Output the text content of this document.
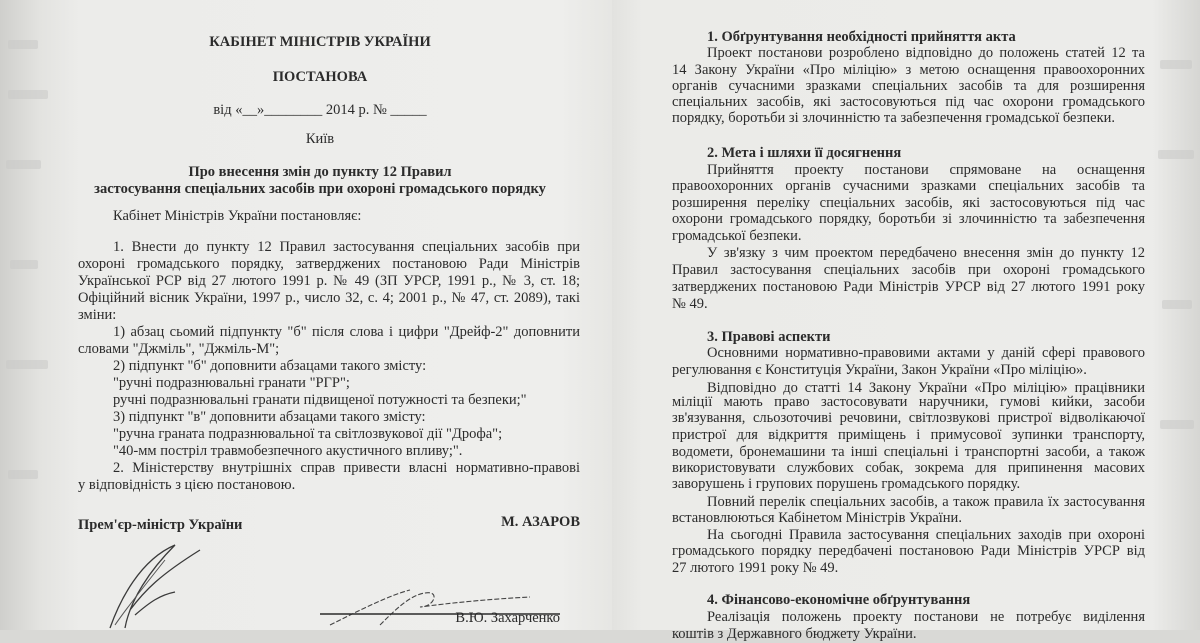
КАБІНЕТ МІНІСТРІВ УКРАЇНИ
ПОСТАНОВА
від «__»________ 2014 р. № _____
Київ
Про внесення змін до пункту 12 Правил
застосування спеціальних засобів при охороні громадського порядку
Кабінет Міністрів України постановляє:
1. Внести до пункту 12 Правил застосування спеціальних засобів при
охороні громадського порядку, затверджених постановою Ради Міністрів
Української РСР від 27 лютого 1991 р. № 49 (ЗП УРСР, 1991 р., № 3, ст. 18;
Офіційний вісник України, 1997 р., число 32, с. 4; 2001 р., № 47, ст. 2089), такі
зміни:
1) абзац сьомий підпункту "б" після слова і цифри "Дрейф-2" доповнити
словами "Джміль", "Джміль-М";
2) підпункт "б" доповнити абзацами такого змісту:
"ручні подразнювальні гранати "РГР";
ручні подразнювальні гранати підвищеної потужності та безпеки;"
3) підпункт "в" доповнити абзацами такого змісту:
"ручна граната подразнювальної та світлозвукової дії "Дрофа";
"40-мм постріл травмобезпечного акустичного впливу;".
2. Міністерству внутрішніх справ привести власні нормативно-правові
у відповідність з цією постановою.
Прем'єр-міністр України	М. АЗАРОВ
В.Ю. Захарченко
1. Обґрунтування необхідності прийняття акта
Проект постанови розроблено відповідно до положень статей 12 та
14 Закону України «Про міліцію» з метою оснащення правоохоронних
органів сучасними зразками спеціальних засобів та для розширення
спеціальних засобів, які застосовуються під час охорони громадського
порядку, боротьби зі злочинністю та забезпечення громадської безпеки.
2. Мета і шляхи її досягнення
Прийняття проекту постанови спрямоване на оснащення
правоохоронних органів сучасними зразками спеціальних засобів та
розширення переліку спеціальних засобів, які застосовуються під час
охорони громадського порядку, боротьби зі злочинністю та забезпечення
громадської безпеки.
У зв'язку з чим проектом передбачено внесення змін до пункту 12
Правил застосування спеціальних засобів при охороні громадського
затверджених постановою Ради Міністрів УРСР від 27 лютого 1991 року
№ 49.
3. Правові аспекти
Основними нормативно-правовими актами у даній сфері правового
регулювання є Конституція України, Закон України «Про міліцію».
Відповідно до статті 14 Закону України «Про міліцію» працівники
міліції мають право застосовувати наручники, гумові кийки, засоби
зв'язування, сльозоточиві речовини, світлозвукові пристрої відволікаючої
пристрої для відкриття приміщень і примусової зупинки транспорту,
водомети, бронемашини та інші спеціальні і транспортні засоби, а також
використовувати службових собак, зокрема для припинення масових
заворушень і групових порушень громадського порядку.
Повний перелік спеціальних засобів, а також правила їх застосування
встановлюються Кабінетом Міністрів України.
На сьогодні Правила застосування спеціальних заходів при охороні
громадського порядку передбачені постановою Ради Міністрів УРСР від
27 лютого 1991 року № 49.
4. Фінансово-економічне обґрунтування
Реалізація положень проекту постанови не потребує виділення
коштів з Державного бюджету України.
